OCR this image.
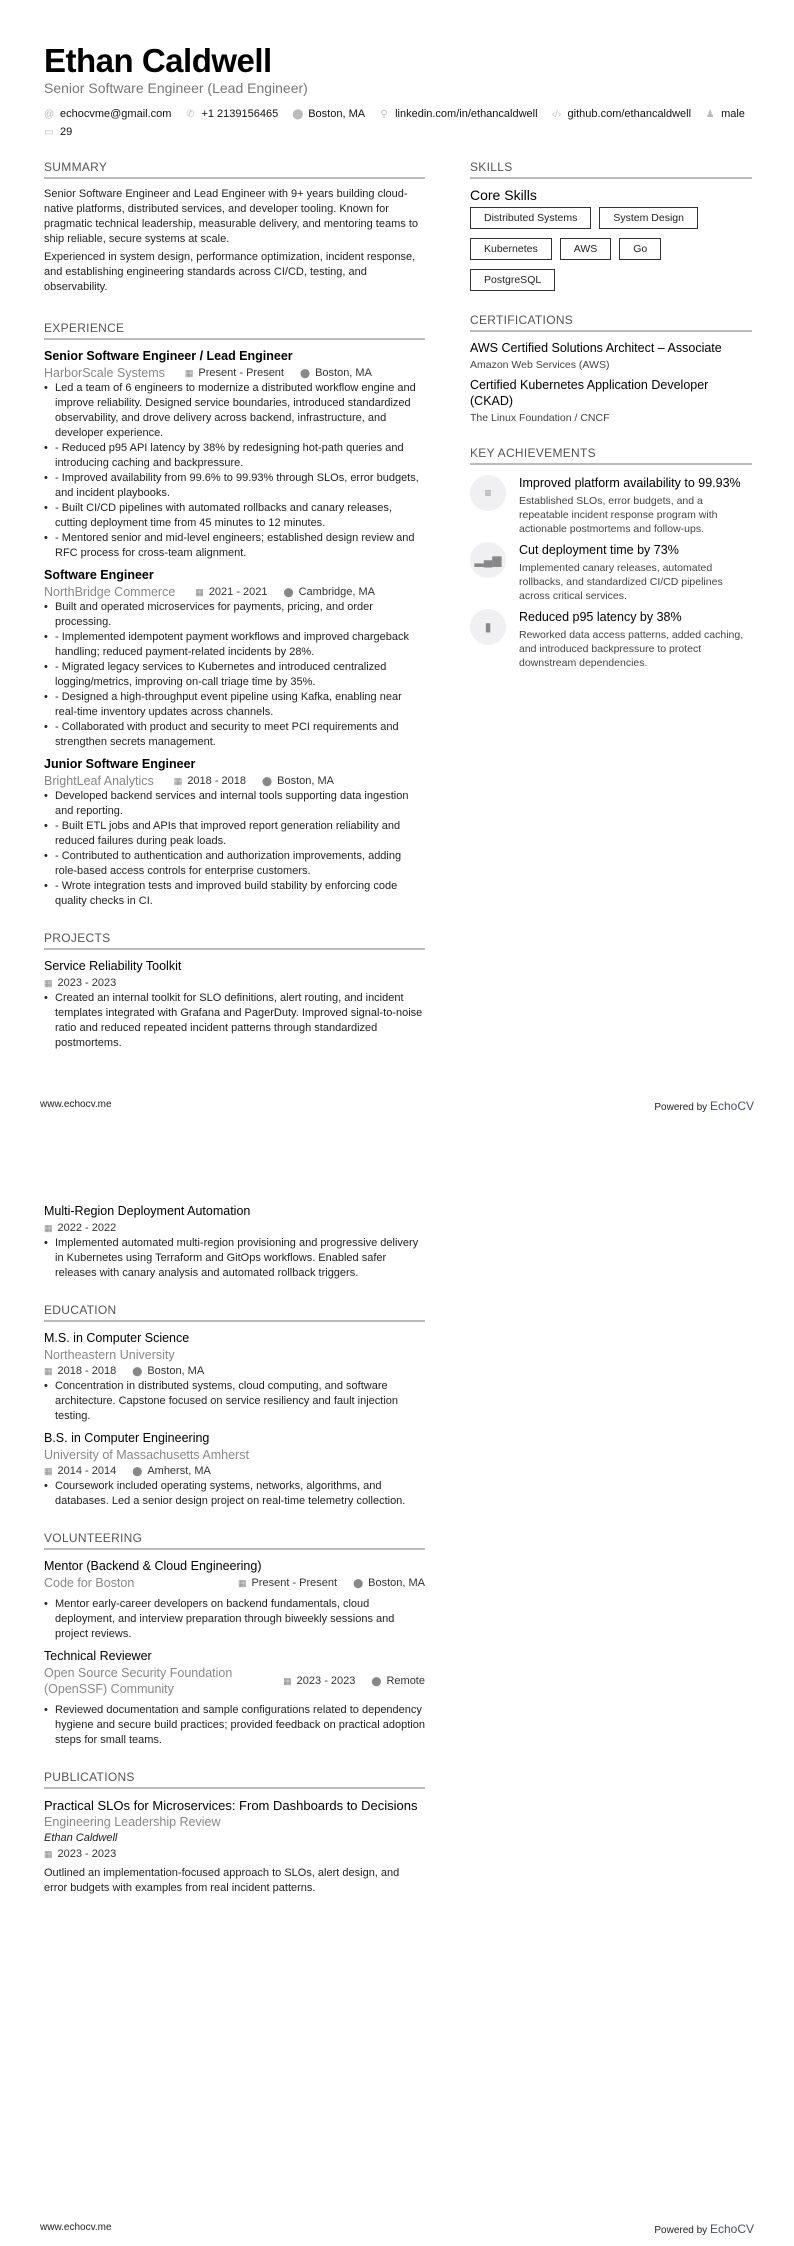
Ethan Caldwell
Senior Software Engineer (Lead Engineer)
@ echocvme@gmail.com ✆ +1 2139156465 ⬤ Boston, MA ⚲ linkedin.com/in/ethancaldwell ‹/› github.com/ethancaldwell ♟ male
▭ 29
SUMMARY

Senior Software Engineer and Lead Engineer with 9+ years building cloud-native platforms, distributed services, and developer tooling. Known for pragmatic technical leadership, measurable delivery, and mentoring teams to ship reliable, secure systems at scale.

Experienced in system design, performance optimization, incident response, and establishing engineering standards across CI/CD, testing, and observability.

EXPERIENCE
Senior Software Engineer / Lead Engineer
HarborScale Systems ▦ Present - Present ⬤ Boston, MA
• Led a team of 6 engineers to modernize a distributed workflow engine and improve reliability. Designed service boundaries, introduced standardized observability, and drove delivery across backend, infrastructure, and developer experience.
• - Reduced p95 API latency by 38% by redesigning hot-path queries and introducing caching and backpressure.
• - Improved availability from 99.6% to 99.93% through SLOs, error budgets, and incident playbooks.
• - Built CI/CD pipelines with automated rollbacks and canary releases, cutting deployment time from 45 minutes to 12 minutes.
• - Mentored senior and mid-level engineers; established design review and RFC process for cross-team alignment.
Software Engineer
NorthBridge Commerce ▦ 2021 - 2021 ⬤ Cambridge, MA
• Built and operated microservices for payments, pricing, and order processing.
• - Implemented idempotent payment workflows and improved chargeback handling; reduced payment-related incidents by 28%.
• - Migrated legacy services to Kubernetes and introduced centralized logging/metrics, improving on-call triage time by 35%.
• - Designed a high-throughput event pipeline using Kafka, enabling near real-time inventory updates across channels.
• - Collaborated with product and security to meet PCI requirements and strengthen secrets management.
Junior Software Engineer
BrightLeaf Analytics ▦ 2018 - 2018 ⬤ Boston, MA
• Developed backend services and internal tools supporting data ingestion and reporting.
• - Built ETL jobs and APIs that improved report generation reliability and reduced failures during peak loads.
• - Contributed to authentication and authorization improvements, adding role-based access controls for enterprise customers.
• - Wrote integration tests and improved build stability by enforcing code quality checks in CI.
PROJECTS
Service Reliability Toolkit
▦ 2023 - 2023
• Created an internal toolkit for SLO definitions, alert routing, and incident templates integrated with Grafana and PagerDuty. Improved signal-to-noise ratio and reduced repeated incident patterns through standardized postmortems.
SKILLS
Core Skills
Distributed Systems	System Design
Kubernetes	AWS	Go
PostgreSQL
CERTIFICATIONS
AWS Certified Solutions Architect – Associate
Amazon Web Services (AWS)
Certified Kubernetes Application Developer (CKAD)
The Linux Foundation / CNCF
KEY ACHIEVEMENTS
≡
Improved platform availability to 99.93%
Established SLOs, error budgets, and a repeatable incident response program with actionable postmortems and follow-ups.
▂▄▆
Cut deployment time by 73%
Implemented canary releases, automated rollbacks, and standardized CI/CD pipelines across critical services.
▮
Reduced p95 latency by 38%
Reworked data access patterns, added caching, and introduced backpressure to protect downstream dependencies.
www.echocv.me	Powered by EchoCV
Multi-Region Deployment Automation
▦ 2022 - 2022
• Implemented automated multi-region provisioning and progressive delivery in Kubernetes using Terraform and GitOps workflows. Enabled safer releases with canary analysis and automated rollback triggers.
EDUCATION
M.S. in Computer Science
Northeastern University
▦ 2018 - 2018 ⬤ Boston, MA
• Concentration in distributed systems, cloud computing, and software architecture. Capstone focused on service resiliency and fault injection testing.
B.S. in Computer Engineering
University of Massachusetts Amherst
▦ 2014 - 2014 ⬤ Amherst, MA
• Coursework included operating systems, networks, algorithms, and databases. Led a senior design project on real-time telemetry collection.
VOLUNTEERING
Mentor (Backend & Cloud Engineering)
Code for Boston	▦ Present - Present ⬤ Boston, MA
• Mentor early-career developers on backend fundamentals, cloud deployment, and interview preparation through biweekly sessions and project reviews.
Technical Reviewer
Open Source Security Foundation (OpenSSF) Community
▦ 2023 - 2023 ⬤ Remote
• Reviewed documentation and sample configurations related to dependency hygiene and secure build practices; provided feedback on practical adoption steps for small teams.
PUBLICATIONS
Practical SLOs for Microservices: From Dashboards to Decisions
Engineering Leadership Review
Ethan Caldwell
▦ 2023 - 2023

Outlined an implementation-focused approach to SLOs, alert design, and error budgets with examples from real incident patterns.

www.echocv.me	Powered by EchoCV
